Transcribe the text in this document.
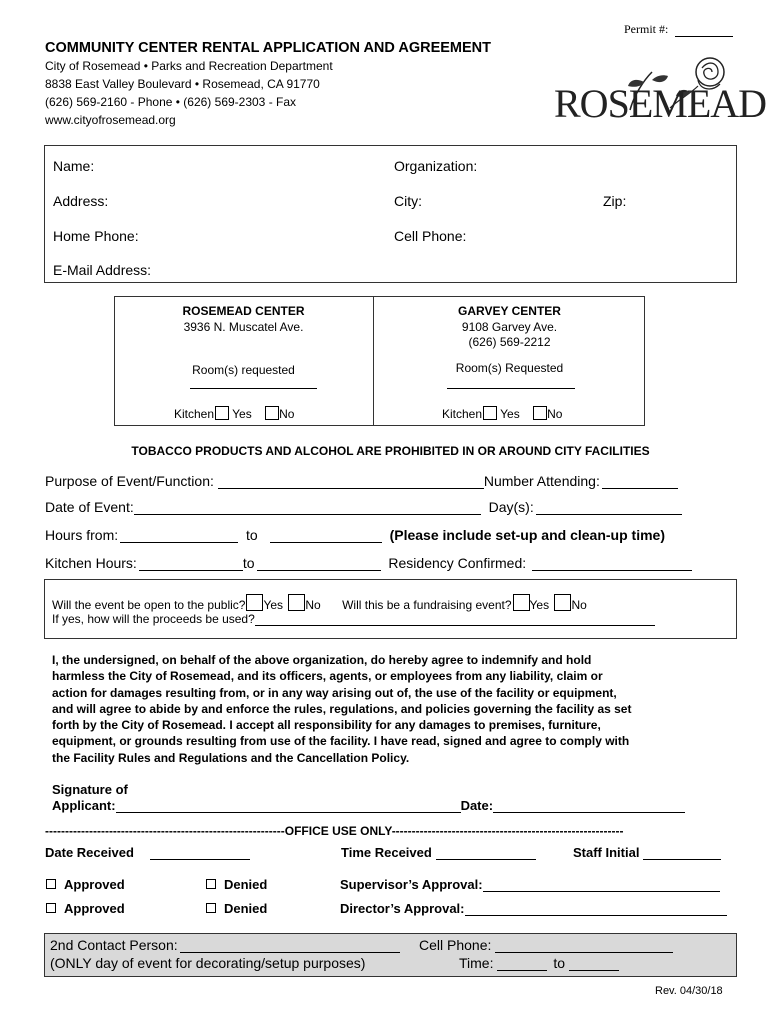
Permit #:
COMMUNITY CENTER RENTAL APPLICATION AND AGREEMENT
City of Rosemead • Parks and Recreation Department
8838 East Valley Boulevard • Rosemead, CA 91770
(626) 569-2160 - Phone • (626) 569-2303 - Fax
www.cityofrosemead.org	ROSEMEAD
Name:	Organization:
Address:	City:	Zip:
Home Phone:	Cell Phone:
E-Mail Address:
ROSEMEAD CENTER
3936 N. Muscatel Ave.
Room(s) requested
Kitchen Yes No
GARVEY CENTER
9108 Garvey Ave.
(626) 569-2212
Room(s) Requested
Kitchen Yes No
TOBACCO PRODUCTS AND ALCOHOL ARE PROHIBITED IN OR AROUND CITY FACILITIES
Purpose of Event/Function:	Number Attending:
Date of Event:	Day(s):
Hours from:	to	(Please include set-up and clean-up time)
Kitchen Hours:	to	Residency Confirmed:
Will the event be open to the public? Yes No Will this be a fundraising event? Yes No
If yes, how will the proceeds be used?
I, the undersigned, on behalf of the above organization, do hereby agree to indemnify and hold
harmless the City of Rosemead, and its officers, agents, or employees from any liability, claim or
action for damages resulting from, or in any way arising out of, the use of the facility or equipment,
and will agree to abide by and enforce the rules, regulations, and policies governing the facility as set
forth by the City of Rosemead. I accept all responsibility for any damages to premises, furniture,
equipment, or grounds resulting from use of the facility. I have read, signed and agree to comply with
the Facility Rules and Regulations and the Cancellation Policy.
Signature of
Applicant:	Date:
------------------------------------------------------------OFFICE USE ONLY----------------------------------------------------------
Date Received	Time Received	Staff Initial
Approved	Denied	Supervisor’s Approval:
Approved	Denied	Director’s Approval:
2nd Contact Person:	Cell Phone:
(ONLY day of event for decorating/setup purposes)	Time:	to
Rev. 04/30/18
